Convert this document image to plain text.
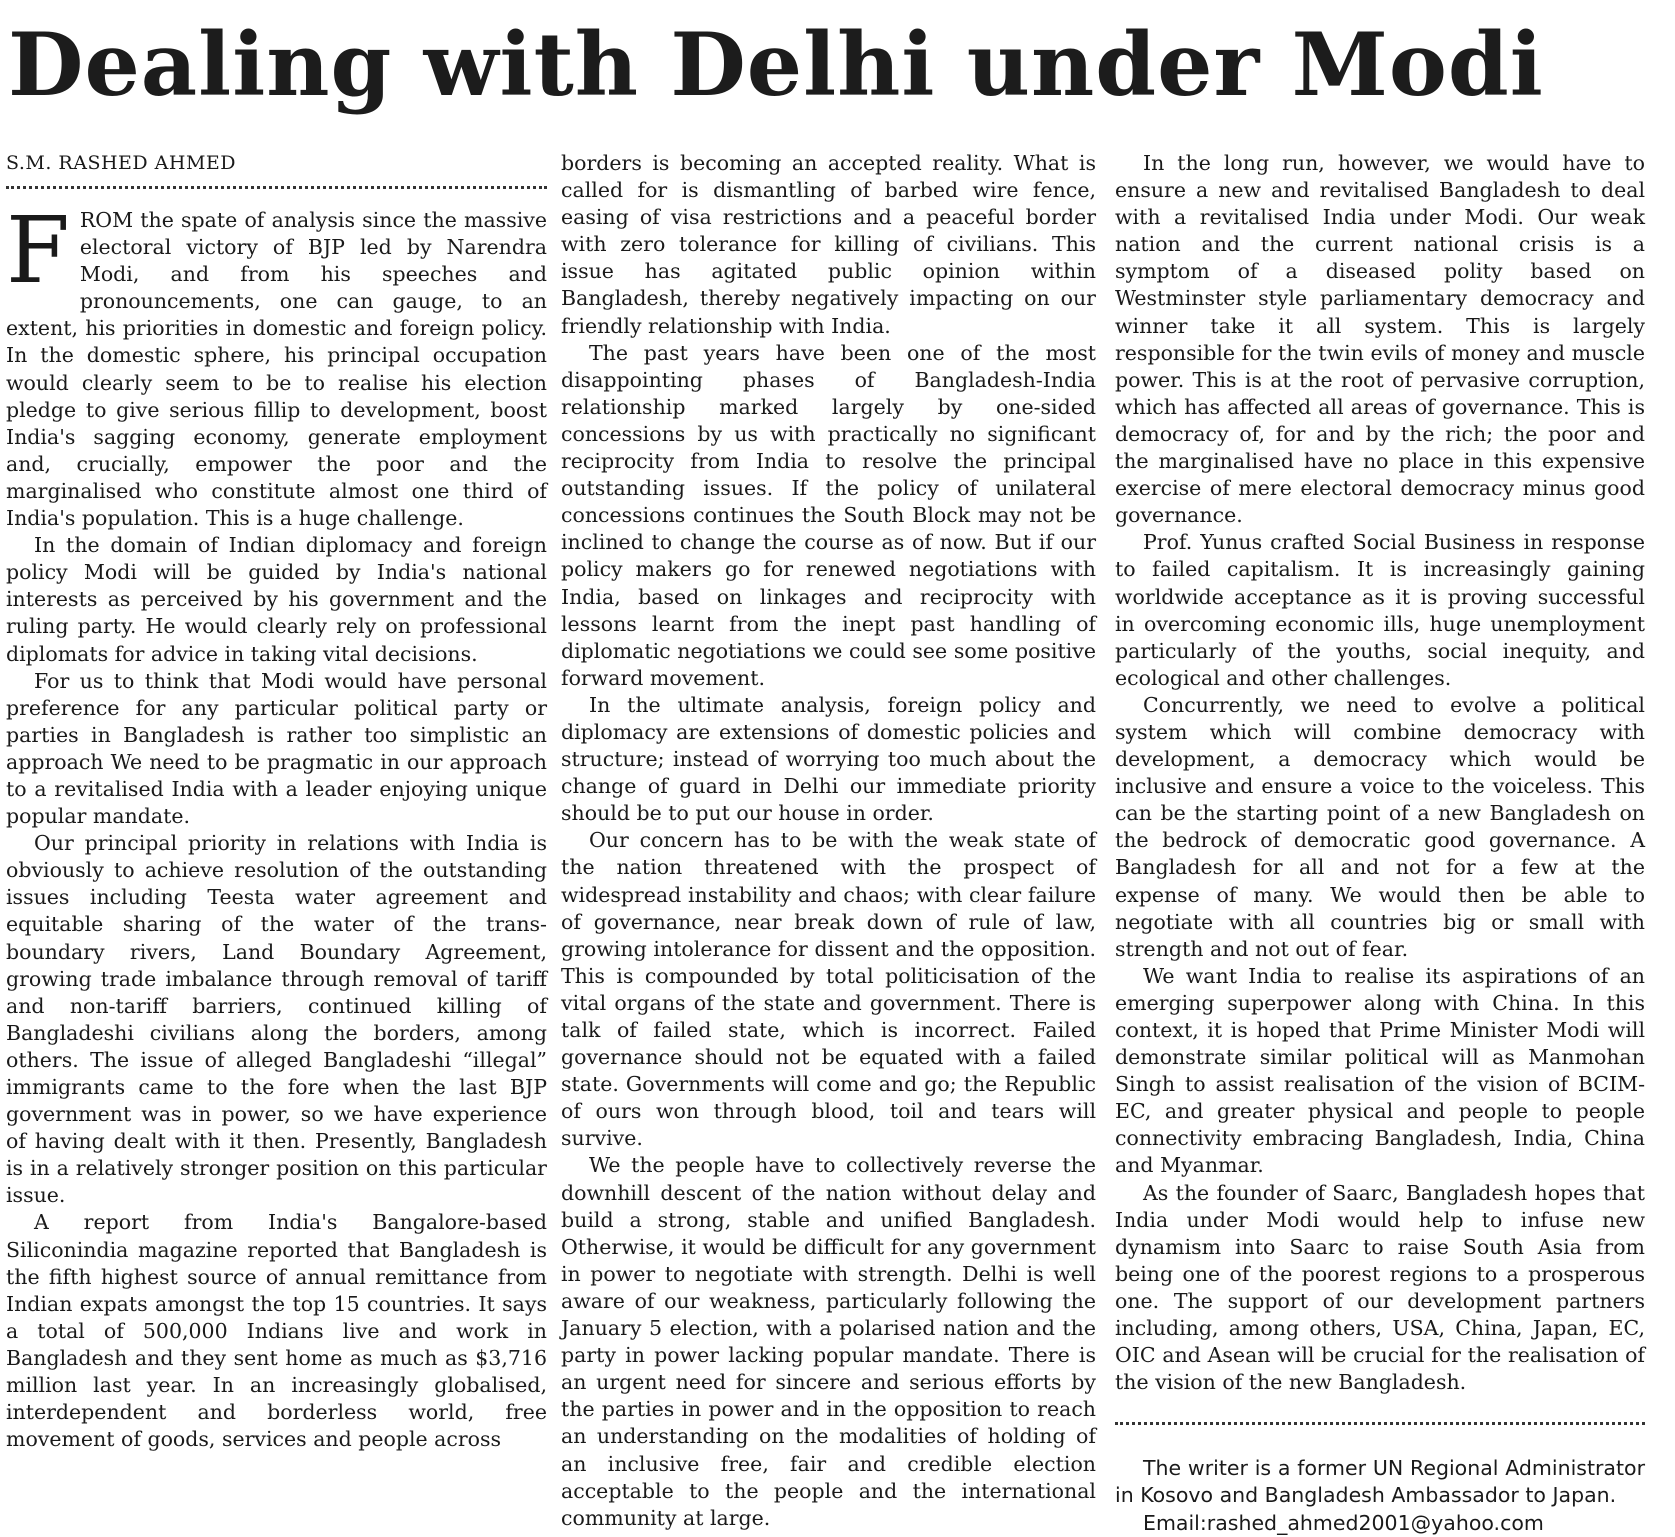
Dealing with Delhi under Modi
S.M. RASHED AHMED

FROM the spate of analysis since the massive electoral victory of BJP led by Narendra Modi, and from his speeches and pronouncements, one can gauge, to an extent, his priorities in domestic and foreign policy. In the domestic sphere, his principal occupation would clearly seem to be to realise his election pledge to give serious fillip to development, boost India's sagging economy, generate employment and, crucially, empower the poor and the marginalised who constitute almost one third of India's population. This is a huge challenge.

In the domain of Indian diplomacy and foreign policy Modi will be guided by India's national interests as perceived by his government and the ruling party. He would clearly rely on professional diplomats for advice in taking vital decisions.

For us to think that Modi would have personal preference for any particular political party or parties in Bangladesh is rather too simplistic an approach We need to be pragmatic in our approach to a revitalised India with a leader enjoying unique popular mandate.

Our principal priority in relations with India is obviously to achieve resolution of the outstanding issues including Teesta water agreement and equitable sharing of the water of the trans-boundary rivers, Land Boundary Agreement, growing trade imbalance through removal of tariff and non-tariff barriers, continued killing of Bangladeshi civilians along the borders, among others. The issue of alleged Bangladeshi “illegal” immigrants came to the fore when the last BJP government was in power, so we have experience of having dealt with it then. Presently, Bangladesh is in a relatively stronger position on this particular issue.

A report from India's Bangalore-based Siliconindia magazine reported that Bangladesh is the fifth highest source of annual remittance from Indian expats amongst the top 15 countries. It says a total of 500,000 Indians live and work in Bangladesh and they sent home as much as $3,716 million last year. In an increasingly globalised, interdependent and borderless world, free movement of goods, services and people across

borders is becoming an accepted reality. What is called for is dismantling of barbed wire fence, easing of visa restrictions and a peaceful border with zero tolerance for killing of civilians. This issue has agitated public opinion within Bangladesh, thereby negatively impacting on our friendly relationship with India.

The past years have been one of the most disappointing phases of Bangladesh-India relationship marked largely by one-sided concessions by us with practically no significant reciprocity from India to resolve the principal outstanding issues. If the policy of unilateral concessions continues the South Block may not be inclined to change the course as of now. But if our policy makers go for renewed negotiations with India, based on linkages and reciprocity with lessons learnt from the inept past handling of diplomatic negotiations we could see some positive forward movement.

In the ultimate analysis, foreign policy and diplomacy are extensions of domestic policies and structure; instead of worrying too much about the change of guard in Delhi our immediate priority should be to put our house in order.

Our concern has to be with the weak state of the nation threatened with the prospect of widespread instability and chaos; with clear failure of governance, near break down of rule of law, growing intolerance for dissent and the opposition. This is compounded by total politicisation of the vital organs of the state and government. There is talk of failed state, which is incorrect. Failed governance should not be equated with a failed state. Governments will come and go; the Republic of ours won through blood, toil and tears will survive.

We the people have to collectively reverse the downhill descent of the nation without delay and build a strong, stable and unified Bangladesh. Otherwise, it would be difficult for any government in power to negotiate with strength. Delhi is well aware of our weakness, particularly following the January 5 election, with a polarised nation and the party in power lacking popular mandate. There is an urgent need for sincere and serious efforts by the parties in power and in the opposition to reach an understanding on the modalities of holding of an inclusive free, fair and credible election acceptable to the people and the international community at large.

In the long run, however, we would have to ensure a new and revitalised Bangladesh to deal with a revitalised India under Modi. Our weak nation and the current national crisis is a symptom of a diseased polity based on Westminster style parliamentary democracy and winner take it all system. This is largely responsible for the twin evils of money and muscle power. This is at the root of pervasive corruption, which has affected all areas of governance. This is democracy of, for and by the rich; the poor and the marginalised have no place in this expensive exercise of mere electoral democracy minus good governance.

Prof. Yunus crafted Social Business in response to failed capitalism. It is increasingly gaining worldwide acceptance as it is proving successful in overcoming economic ills, huge unemployment particularly of the youths, social inequity, and ecological and other challenges.

Concurrently, we need to evolve a political system which will combine democracy with development, a democracy which would be inclusive and ensure a voice to the voiceless. This can be the starting point of a new Bangladesh on the bedrock of democratic good governance. A Bangladesh for all and not for a few at the expense of many. We would then be able to negotiate with all countries big or small with strength and not out of fear.

We want India to realise its aspirations of an emerging superpower along with China. In this context, it is hoped that Prime Minister Modi will demonstrate similar political will as Manmohan Singh to assist realisation of the vision of BCIM-EC, and greater physical and people to people connectivity embracing Bangladesh, India, China and Myanmar.

As the founder of Saarc, Bangladesh hopes that India under Modi would help to infuse new dynamism into Saarc to raise South Asia from being one of the poorest regions to a prosperous one. The support of our development partners including, among others, USA, China, Japan, EC, OIC and Asean will be crucial for the realisation of the vision of the new Bangladesh.

The writer is a former UN Regional Administrator in Kosovo and Bangladesh Ambassador to Japan.

Email:rashed_ahmed2001@yahoo.com
